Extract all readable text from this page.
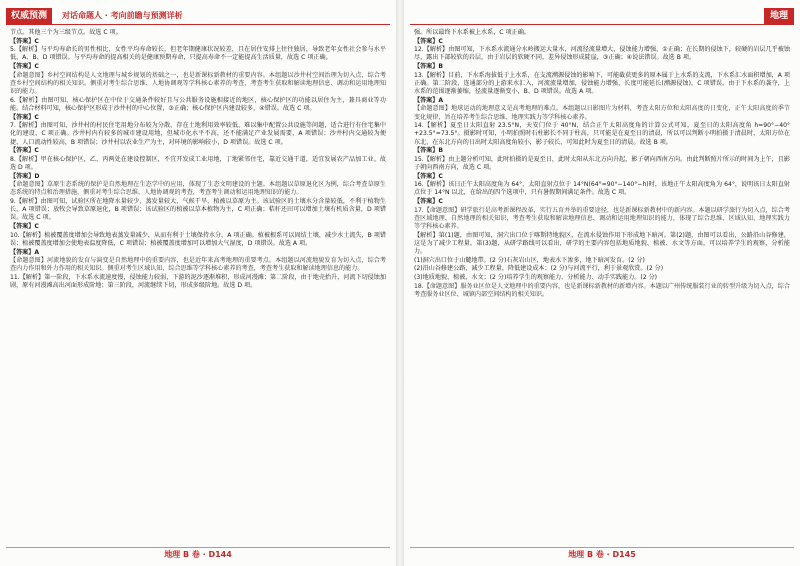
权威预测	对话命题人 · 考向前瞻与预测详析

节点。其他三个为三级节点。故选 C 项。

【答案】C

5.【解析】与平均寿命长的男性相比，女性平均寿命较长，但老年期健康状况较差，且在居住安排上往往独居，导致老年女性社会参与水平低，A、B、D 项错误。与平均寿命的提高相关的是健康预期寿命，只提高寿命不一定能提高生活质量，故选 C 项正确。

【答案】C

【命题意图】乡村空间结构是人文地理与城乡规划的基础之一，也是新课标新教材的重要内容。本组题以沙井村空间治理为切入点，综合考查乡村空间结构的相关知识。侧重对考生综合思维、人地协调观等学科核心素养的考查，考查考生获取和解读地理信息、调动和运用地理知识的能力。

6.【解析】由图可知，核心保护区在中位于交通条件较好且与公共服务设施相接近的地区，核心保护区的功能以居住为主，兼具商业等功能。结合材料可知，核心保护区形成于沙井村的中心位置，③正确；核心保护区内建设较多，④错误。故选 C 项。

【答案】C

7.【解析】由图可知，沙井村的村民住宅用地分布较为分散，存在土地利用效率较低、难以集中配置公共设施等问题，适合进行有住宅集中化的建设，C 项正确。沙井村内有较多的城市建设用地，但城市化水平不高，还不能满足产业发展需要，A 项错误；沙井村内交通较为便捷，人口流动性较高，B 项错误；沙井村以农业生产为主，对环境的影响较小，D 项错误。故选 C 项。

【答案】C

8.【解析】甲在核心保护区，乙、丙两处在建设控制区，不宜开发成工业用地，丁地紧邻住宅，靠近交通干道，适宜发展农产品加工业。故选 D 项。

【答案】D

【命题意图】草原生态系统的保护是自然地理在生态学中的应用，体现了生态文明建设的主题。本组题以草原退化区为例，综合考查草原生态系统的特点和治理措施，侧重对考生综合思维、人地协调观的考查，考查考生调动和运用地理知识的能力。

9.【解析】由图可知，试验区所在地降水量较少，蒸发量较大，气候干旱，植被以草原为主。该试验区的土壤水分含量较低，不利于植物生长，A 项错误；放牧会导致草原退化，B 项错误；该试验区的植被以草本植物为主，C 项正确；秸秆还田可以增加土壤有机质含量，D 项错误。故选 C 项。

【答案】C

10.【解析】植被覆盖度增加会导致地表蒸发量减少，从而有利于土壤保持水分，A 项正确。植被根系可以固结土壤，减少水土流失，B 项错误；植被覆盖度增加会使地表温度降低，C 项错误；植被覆盖度增加可以增加大气湿度，D 项错误。故选 A 项。

【答案】A

【命题意图】河流地貌的发育与演变是自然地理中的重要内容，也是近年来高考地理的重要考点。本组题以河流地貌发育为切入点，综合考查内力作用和外力作用的相关知识。侧重对考生区域认知、综合思维等学科核心素养的考查，考查考生获取和解读地理信息的能力。

11.【解析】第一阶段，下水系水流速度慢，侵蚀能力较弱，下游的泥沙逐渐堆积，形成河漫滩；第二阶段，由于地壳抬升，河流下切侵蚀加剧，原有河漫滩高出河面形成阶地；第三阶段，河流继续下切，形成多级阶地。故选 D 项。

地理 B 卷 · D144
地理

强。所以最终下水系被上水系，C 项正确。

【答案】C

12.【解析】由图可知，下水系水流通分水岭搬运大量水，河流径流量增大，侵蚀能力增强，①正确；在长期的侵蚀下，较硬的岩层几乎被蚀尽，露出下部较软的岩层，由于岩层的软硬不同，差异侵蚀形成陡崖，③正确；④说法错误。故选 B 项。

【答案】B

13.【解析】目前，下水系海拔低于上水系，在支流溯源侵蚀的影响下，可能截获更多的原本属于上水系的支流，下水系汇水面积增加，A 项正确。第二阶段，连通部分的上游来水汇入，河流流量增加，侵蚀能力增强，长度可能延长(溯源侵蚀)，C 项错误。由于下水系的袭夺，上水系的范围逐渐萎缩，径流量逐渐变小，B、D 项错误。故选 A 项。

【答案】A

【命题意图】地球运动的地理意义是高考地理的难点。本组题以日影图片为材料，考查太阳方位和太阳高度的日变化、正午太阳高度的季节变化规律，旨在培养考生综合思维、地理实践力等学科核心素养。

14.【解析】夏至日太阳直射 23.5°N，天安门位于 40°N，结合正午太阳高度角的计算公式可知，夏至日的太阳高度角 h=90°−40°+23.5°=73.5°。摄影时可知，小明拍照时石柱影长不同于柱高，只可能是在夏至日的清晨，所以可以判断小明拍摄于清晨时，太阳方位在东北，在东北方向的日出时太阳高度角较小，影子较长，可知此时为夏至日的清晨。故选 B 项。

【答案】B

15.【解析】由上题分析可知，此时拍摄的是夏至日，此时太阳从东北方向升起，影子朝向西南方向。由此判断照片所示的时间为上午，且影子朝向西南方向，故选 C 项。

【答案】C

16.【解析】该日正午太阳高度角为 64°，太阳直射点位于 14°N(64°=90°−140°−h)时，该地正午太阳高度角为 64°，说明该日太阳直射点位于 14°N 以北，在给出的四个选项中，只有暑假期间满足条件。故选 C 项。

【答案】C

17.【命题意图】研学旅行是高考新课程改革，实行五育并举的重要途径，也是新课标新教材中的新内容。本题以研学旅行为切入点，综合考查区域地理、自然地理的相关知识，考查考生获取和解读地理信息、调动和运用地理知识的能力，体现了综合思维、区域认知、地理实践力等学科核心素养。

【解析】第(1)题，由图可知，洞穴出口位于喀斯特地貌区，在流水侵蚀作用下形成地下暗河。第(2)题，由图可以看出，公路沿山谷修建，这是为了减少工程量。第(3)题，从研学路线可以看出，研学的主要内容包括地质地貌、植被、水文等方面，可以培养学生的观察、分析能力。

(1)洞穴出口位于山麓地带。(2 分)石灰岩山区，地表水下渗多，地下暗河发育。(2 分)

(2)沿山谷修建公路，减少工程量，降低建设成本；(2 分)与河流平行，利于景观欣赏。(2 分)

(3)地质地貌、植被、水文；(2 分)培养学生的观察能力、分析能力、动手实践能力。(2 分)

18.【命题意图】服务业区位是人文地理中的重要内容，也是新课标新教材的新增内容。本题以广州传统服装行业的转型升级为切入点，综合考查服务业区位、城镇内部空间结构的相关知识。

地理 B 卷 · D145
